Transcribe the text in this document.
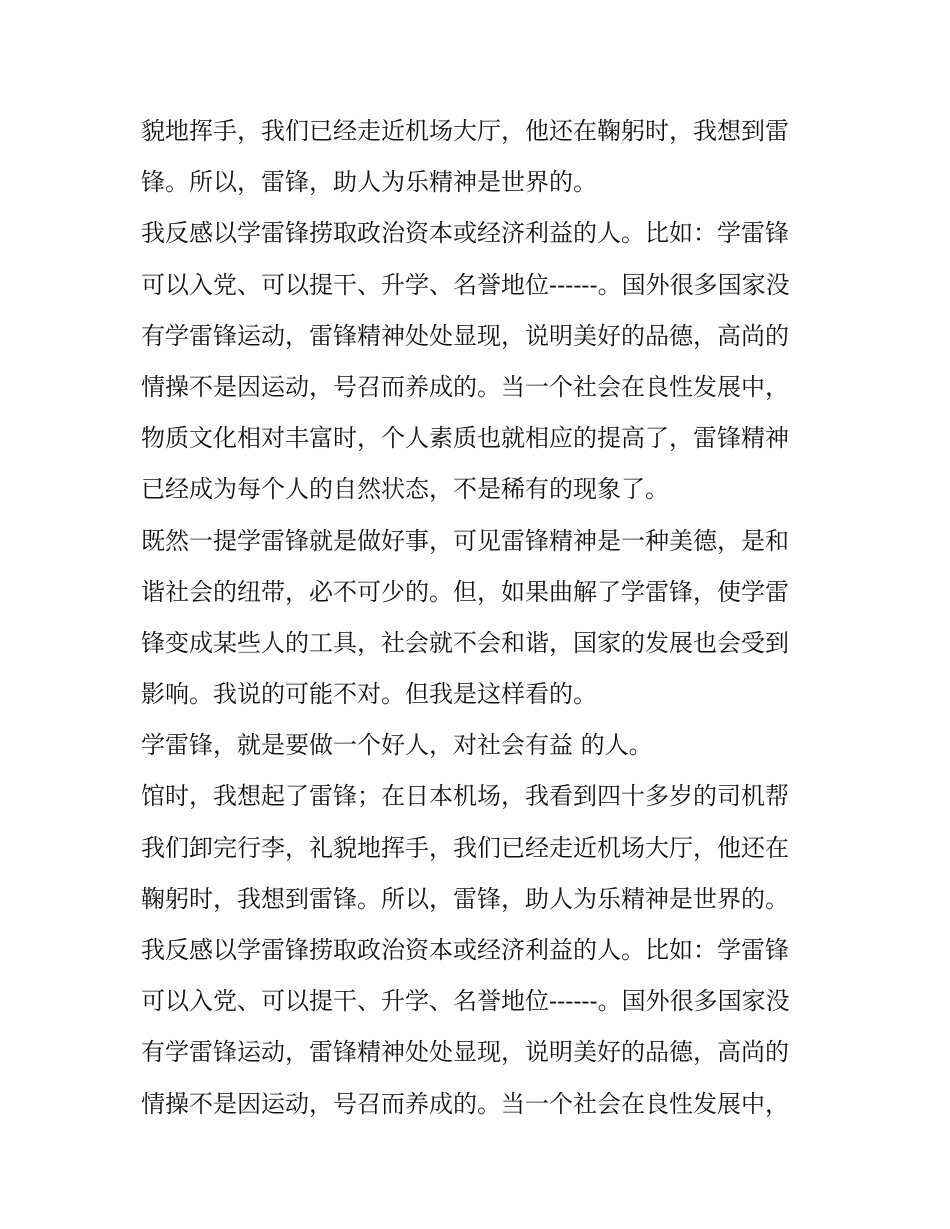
貌地挥手，我们已经走近机场大厅，他还在鞠躬时，我想到雷

锋。所以，雷锋，助人为乐精神是世界的。

我反感以学雷锋捞取政治资本或经济利益的人。比如：学雷锋

可以入党、可以提干、升学、名誉地位------。国外很多国家没

有学雷锋运动，雷锋精神处处显现，说明美好的品德，高尚的

情操不是因运动，号召而养成的。当一个社会在良性发展中，

物质文化相对丰富时，个人素质也就相应的提高了，雷锋精神

已经成为每个人的自然状态，不是稀有的现象了。

既然一提学雷锋就是做好事，可见雷锋精神是一种美德，是和

谐社会的纽带，必不可少的。但，如果曲解了学雷锋，使学雷

锋变成某些人的工具，社会就不会和谐，国家的发展也会受到

影响。我说的可能不对。但我是这样看的。

学雷锋，就是要做一个好人，对社会有益 的人。

馆时，我想起了雷锋；在日本机场，我看到四十多岁的司机帮

我们卸完行李，礼貌地挥手，我们已经走近机场大厅，他还在

鞠躬时，我想到雷锋。所以，雷锋，助人为乐精神是世界的。

我反感以学雷锋捞取政治资本或经济利益的人。比如：学雷锋

可以入党、可以提干、升学、名誉地位------。国外很多国家没

有学雷锋运动，雷锋精神处处显现，说明美好的品德，高尚的

情操不是因运动，号召而养成的。当一个社会在良性发展中，
